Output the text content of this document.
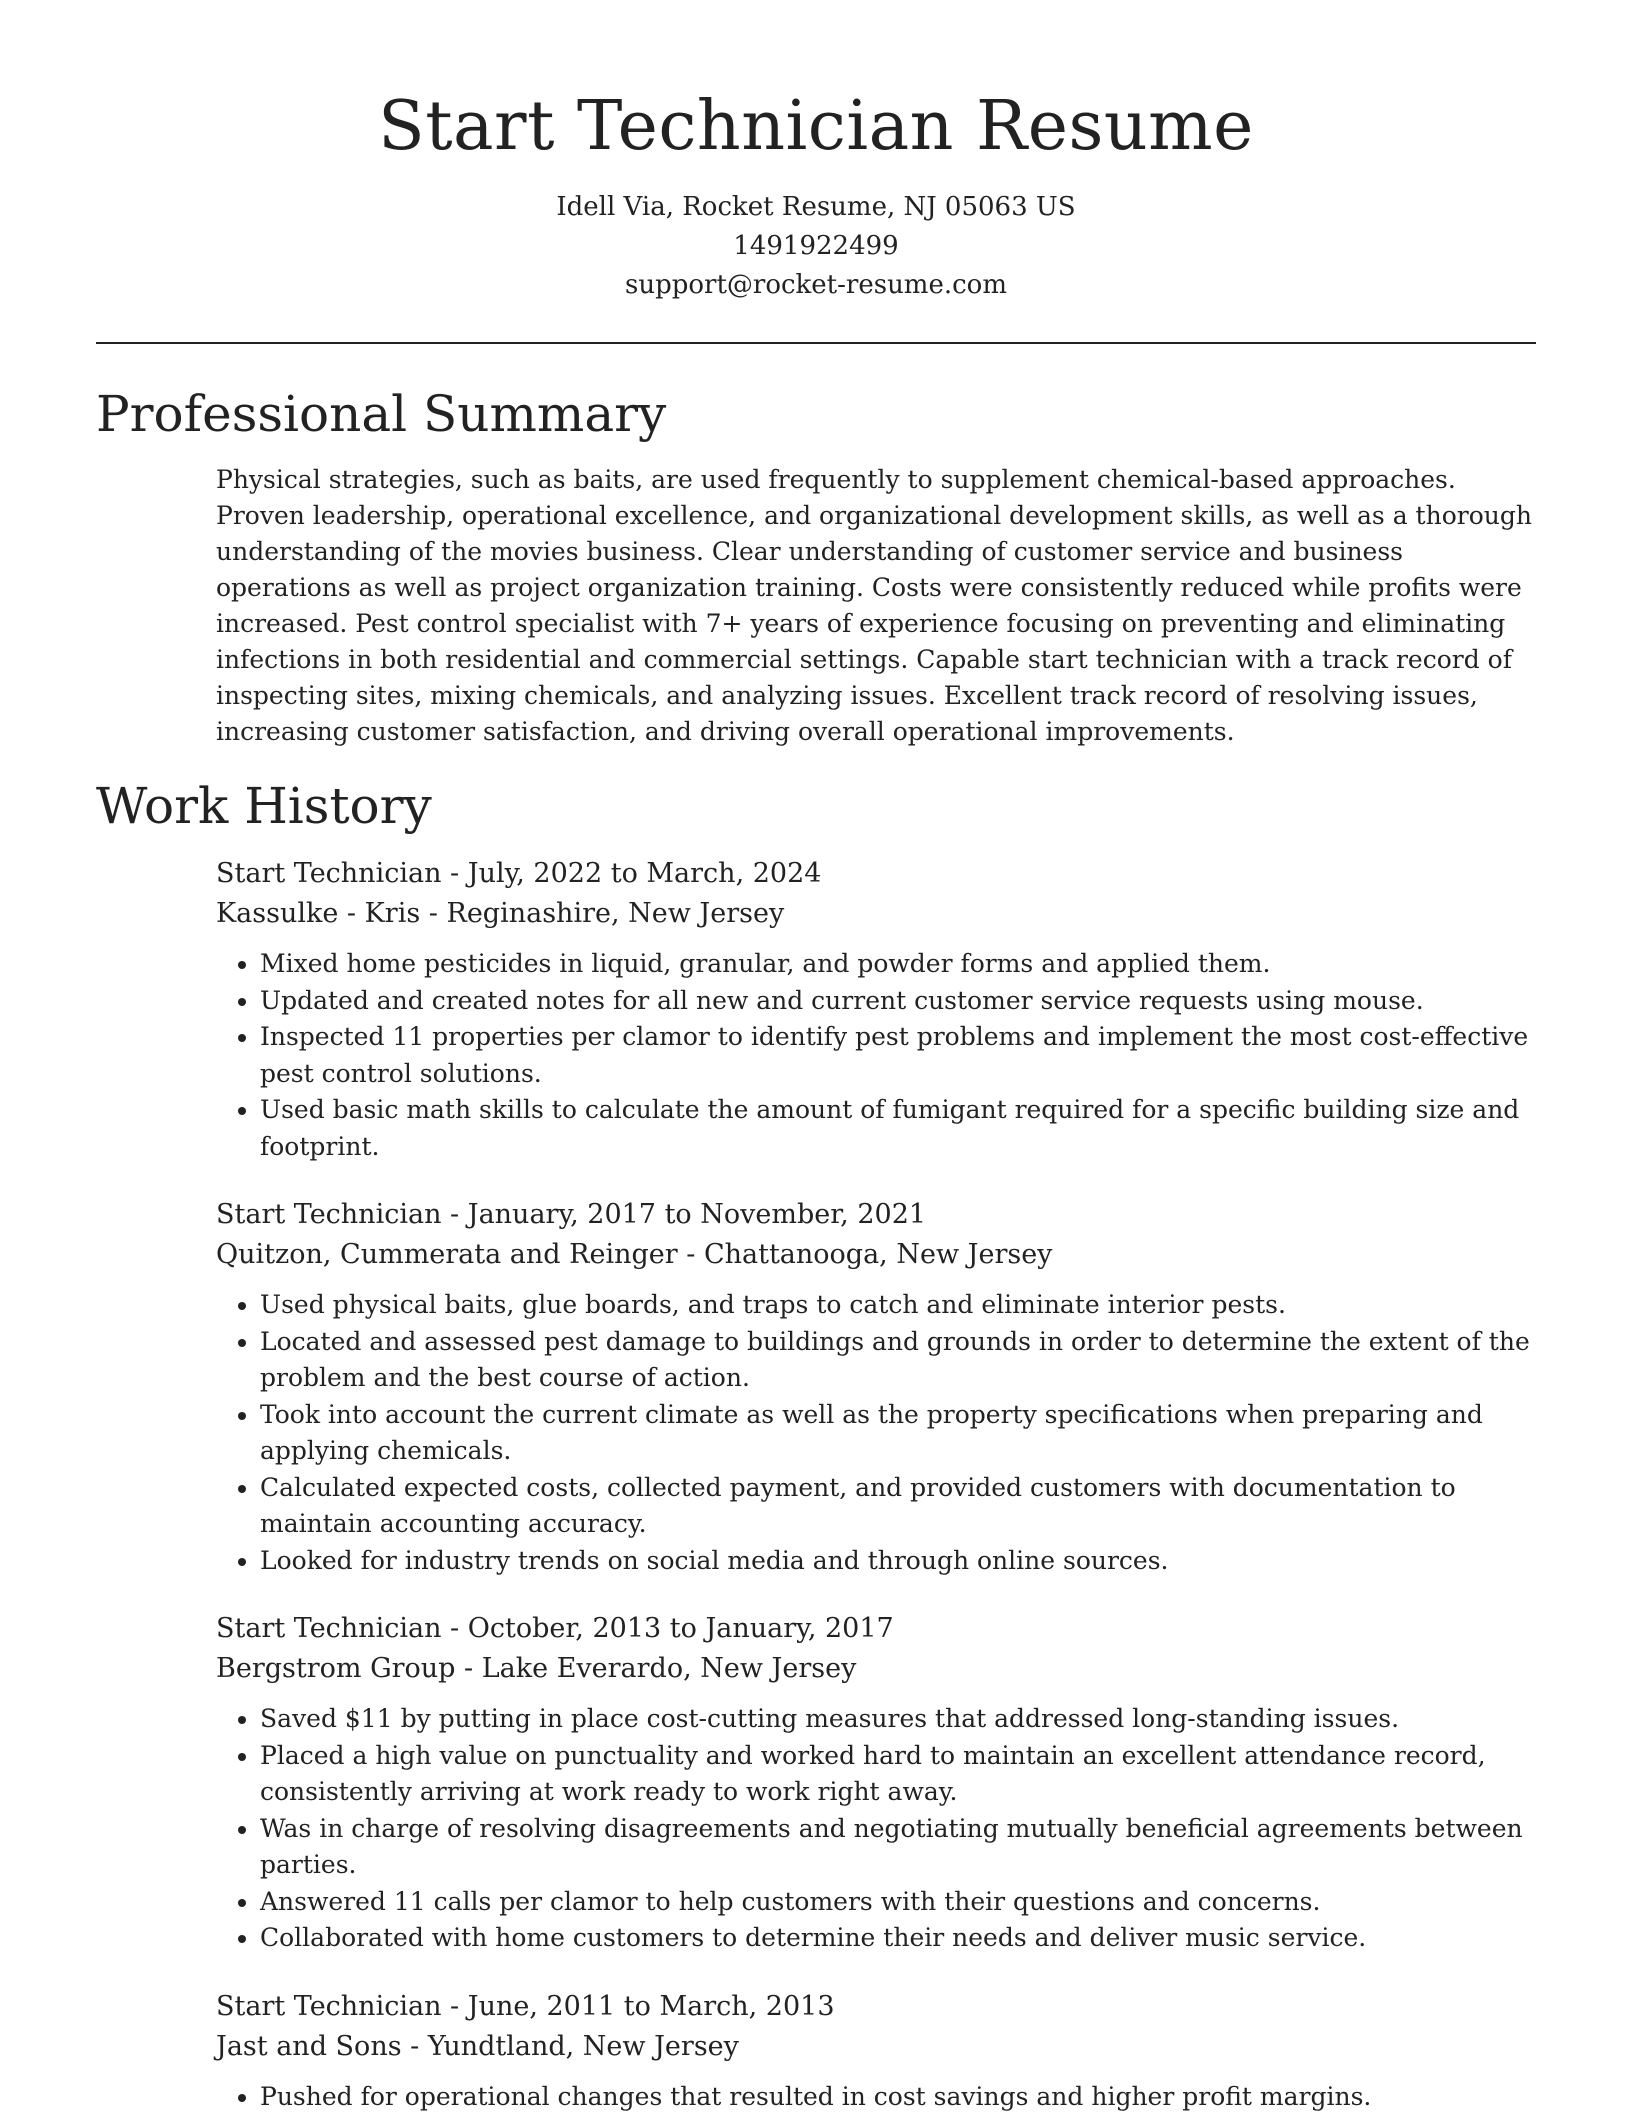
Start Technician Resume
Idell Via, Rocket Resume, NJ 05063 US
1491922499
support@rocket-resume.com
Professional Summary

Physical strategies, such as baits, are used frequently to supplement chemical-based approaches. Proven leadership, operational excellence, and organizational development skills, as well as a thorough understanding of the movies business. Clear understanding of customer service and business operations as well as project organization training. Costs were consistently reduced while profits were increased. Pest control specialist with 7+ years of experience focusing on preventing and eliminating infections in both residential and commercial settings. Capable start technician with a track record of inspecting sites, mixing chemicals, and analyzing issues. Excellent track record of resolving issues, increasing customer satisfaction, and driving overall operational improvements.

Work History
Start Technician - July, 2022 to March, 2024
Kassulke - Kris - Reginashire, New Jersey
• Mixed home pesticides in liquid, granular, and powder forms and applied them.
• Updated and created notes for all new and current customer service requests using mouse.
• Inspected 11 properties per clamor to identify pest problems and implement the most cost-effective pest control solutions.
• Used basic math skills to calculate the amount of fumigant required for a specific building size and footprint.
Start Technician - January, 2017 to November, 2021
Quitzon, Cummerata and Reinger - Chattanooga, New Jersey
• Used physical baits, glue boards, and traps to catch and eliminate interior pests.
• Located and assessed pest damage to buildings and grounds in order to determine the extent of the problem and the best course of action.
• Took into account the current climate as well as the property specifications when preparing and applying chemicals.
• Calculated expected costs, collected payment, and provided customers with documentation to maintain accounting accuracy.
• Looked for industry trends on social media and through online sources.
Start Technician - October, 2013 to January, 2017
Bergstrom Group - Lake Everardo, New Jersey
• Saved $11 by putting in place cost-cutting measures that addressed long-standing issues.
• Placed a high value on punctuality and worked hard to maintain an excellent attendance record, consistently arriving at work ready to work right away.
• Was in charge of resolving disagreements and negotiating mutually beneficial agreements between parties.
• Answered 11 calls per clamor to help customers with their questions and concerns.
• Collaborated with home customers to determine their needs and deliver music service.
Start Technician - June, 2011 to March, 2013
Jast and Sons - Yundtland, New Jersey
• Pushed for operational changes that resulted in cost savings and higher profit margins.
